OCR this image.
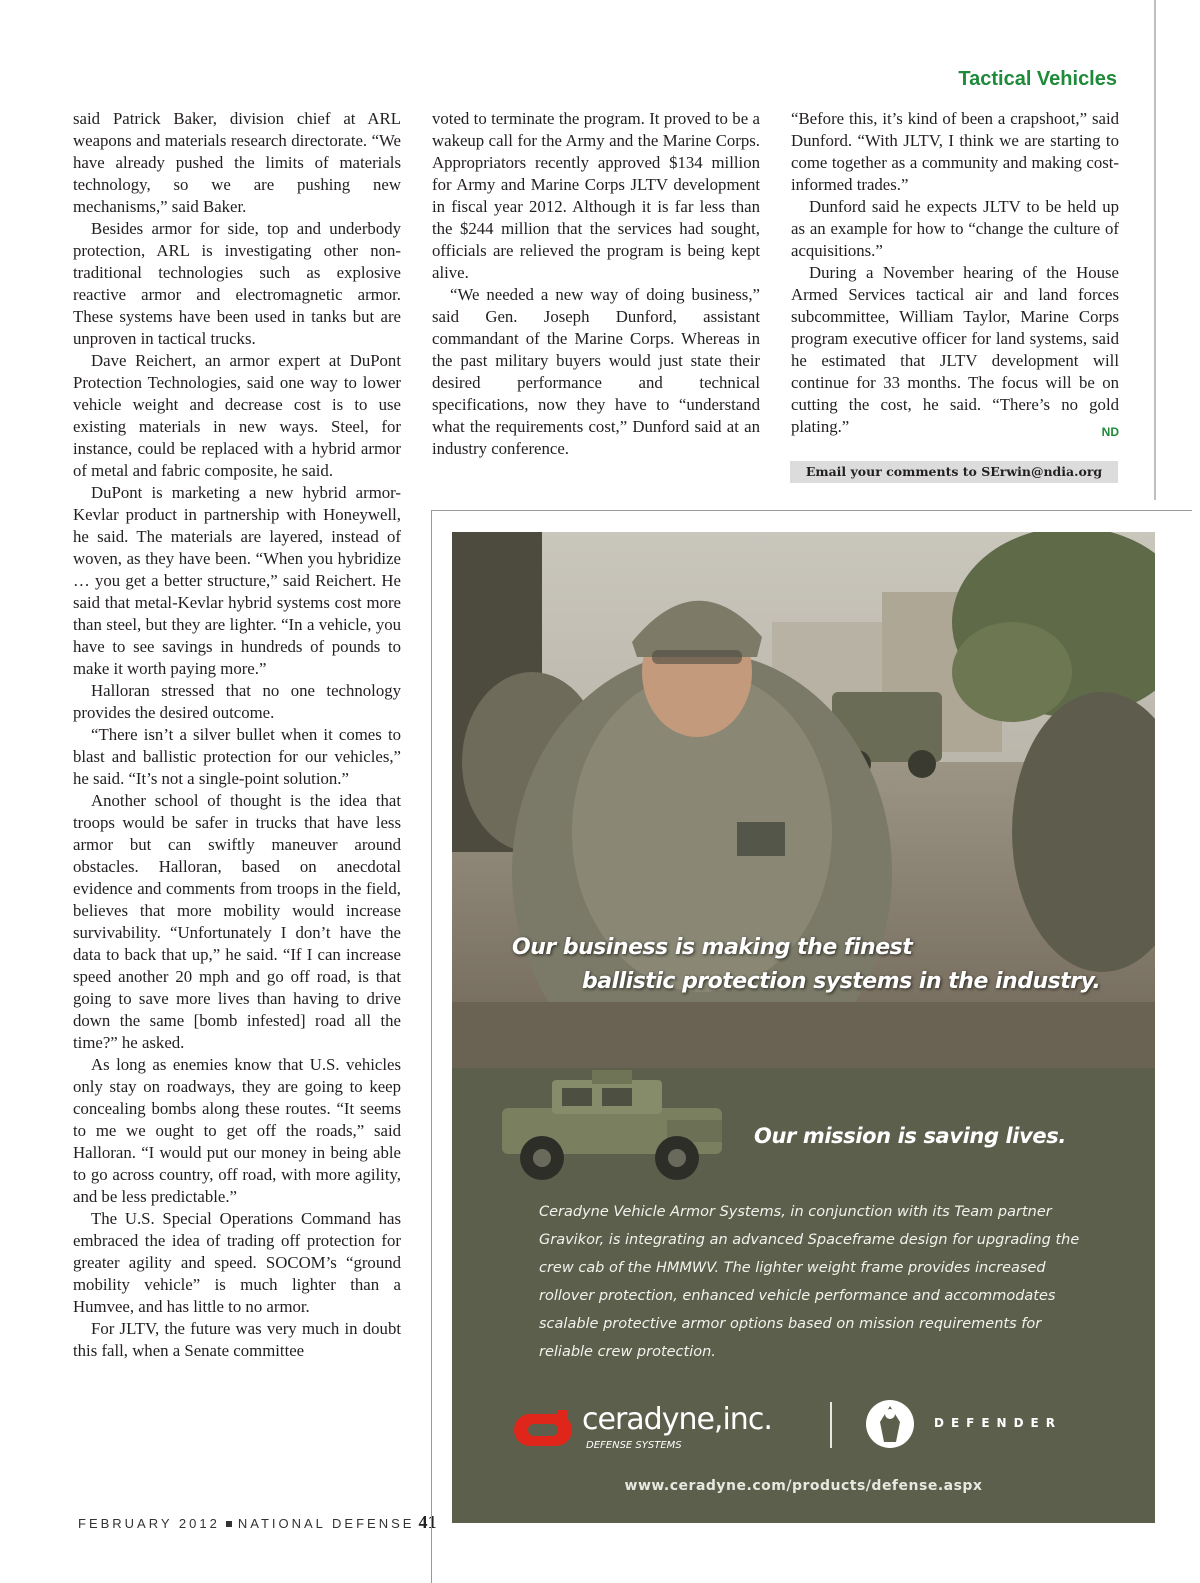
Tactical Vehicles

said Patrick Baker, division chief at ARL weapons and materials research directorate. “We have already pushed the limits of materials technology, so we are pushing new mechanisms,” said Baker.

Besides armor for side, top and underbody protection, ARL is investigating other non-traditional technologies such as explosive reactive armor and electromagnetic armor. These systems have been used in tanks but are unproven in tactical trucks.

Dave Reichert, an armor expert at DuPont Protection Technologies, said one way to lower vehicle weight and decrease cost is to use existing materials in new ways. Steel, for instance, could be replaced with a hybrid armor of metal and fabric composite, he said.

DuPont is marketing a new hybrid armor-Kevlar product in partnership with Honeywell, he said. The materials are layered, instead of woven, as they have been. “When you hybridize … you get a better structure,” said Reichert. He said that metal-Kevlar hybrid systems cost more than steel, but they are lighter. “In a vehicle, you have to see savings in hundreds of pounds to make it worth paying more.”

Halloran stressed that no one technology provides the desired outcome.

“There isn’t a silver bullet when it comes to blast and ballistic protection for our vehicles,” he said. “It’s not a single-point solution.”

Another school of thought is the idea that troops would be safer in trucks that have less armor but can swiftly maneuver around obstacles. Halloran, based on anecdotal evidence and comments from troops in the field, believes that more mobility would increase survivability. “Unfortunately I don’t have the data to back that up,” he said. “If I can increase speed another 20 mph and go off road, is that going to save more lives than having to drive down the same [bomb infested] road all the time?” he asked.

As long as enemies know that U.S. vehicles only stay on roadways, they are going to keep concealing bombs along these routes. “It seems to me we ought to get off the roads,” said Halloran. “I would put our money in being able to go across country, off road, with more agility, and be less predictable.”

The U.S. Special Operations Command has embraced the idea of trading off protection for greater agility and speed. SOCOM’s “ground mobility vehicle” is much lighter than a Humvee, and has little to no armor.

For JLTV, the future was very much in doubt this fall, when a Senate committee

voted to terminate the program. It proved to be a wakeup call for the Army and the Marine Corps. Appropriators recently approved $134 million for Army and Marine Corps JLTV development in fiscal year 2012. Although it is far less than the $244 million that the services had sought, officials are relieved the program is being kept alive.

“We needed a new way of doing business,” said Gen. Joseph Dunford, assistant commandant of the Marine Corps. Whereas in the past military buyers would just state their desired performance and technical specifications, now they have to “understand what the requirements cost,” Dunford said at an industry conference.

“Before this, it’s kind of been a crapshoot,” said Dunford. “With JLTV, I think we are starting to come together as a community and making cost-informed trades.”

Dunford said he expects JLTV to be held up as an example for how to “change the culture of acquisitions.”

During a November hearing of the House Armed Services tactical air and land forces subcommittee, William Taylor, Marine Corps program executive officer for land systems, said he estimated that JLTV development will continue for 33 months. The focus will be on cutting the cost, he said. “There’s no gold plating.”	ND

Email your comments to SErwin@ndia.org
FEBRUARY 2012 NATIONAL DEFENSE 41
Our business is making the finest
ballistic protection systems in the industry.
Our mission is saving lives.
Ceradyne Vehicle Armor Systems, in conjunction with its Team partner Gravikor, is integrating an advanced Spaceframe design for upgrading the crew cab of the HMMWV. The lighter weight frame provides increased rollover protection, enhanced vehicle performance and accommodates scalable protective armor options based on mission requirements for reliable crew protection.
ceradyne,inc.
DEFENSE SYSTEMS
DEFENDER
www.ceradyne.com/products/defense.aspx
